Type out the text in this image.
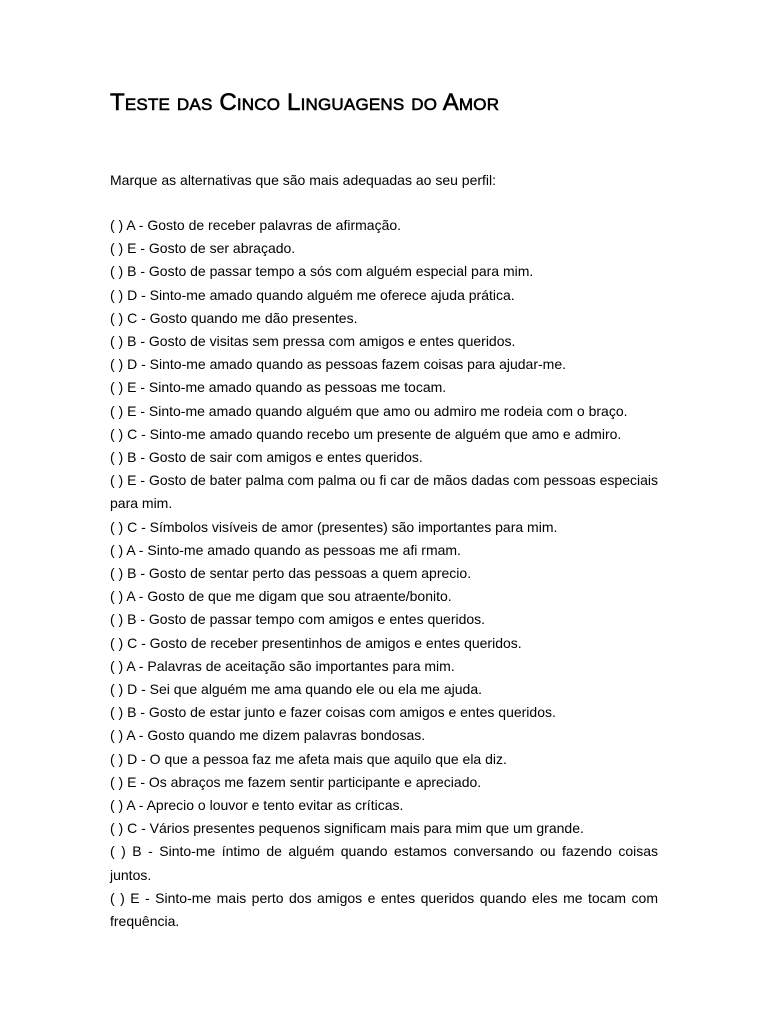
Teste das Cinco Linguagens do Amor

Marque as alternativas que são mais adequadas ao seu perfil:

( ) A - Gosto de receber palavras de afirmação.
( ) E - Gosto de ser abraçado.
( ) B - Gosto de passar tempo a sós com alguém especial para mim.
( ) D - Sinto-me amado quando alguém me oferece ajuda prática.
( ) C - Gosto quando me dão presentes.
( ) B - Gosto de visitas sem pressa com amigos e entes queridos.
( ) D - Sinto-me amado quando as pessoas fazem coisas para ajudar-me.
( ) E - Sinto-me amado quando as pessoas me tocam.
( ) E - Sinto-me amado quando alguém que amo ou admiro me rodeia com o braço.
( ) C - Sinto-me amado quando recebo um presente de alguém que amo e admiro.
( ) B - Gosto de sair com amigos e entes queridos.
( ) E - Gosto de bater palma com palma ou fi car de mãos dadas com pessoas especiais para mim.
( ) C - Símbolos visíveis de amor (presentes) são importantes para mim.
( ) A - Sinto-me amado quando as pessoas me afi rmam.
( ) B - Gosto de sentar perto das pessoas a quem aprecio.
( ) A - Gosto de que me digam que sou atraente/bonito.
( ) B - Gosto de passar tempo com amigos e entes queridos.
( ) C - Gosto de receber presentinhos de amigos e entes queridos.
( ) A - Palavras de aceitação são importantes para mim.
( ) D - Sei que alguém me ama quando ele ou ela me ajuda.
( ) B - Gosto de estar junto e fazer coisas com amigos e entes queridos.
( ) A - Gosto quando me dizem palavras bondosas.
( ) D - O que a pessoa faz me afeta mais que aquilo que ela diz.
( ) E - Os abraços me fazem sentir participante e apreciado.
( ) A - Aprecio o louvor e tento evitar as críticas.
( ) C - Vários presentes pequenos significam mais para mim que um grande.
( ) B - Sinto-me íntimo de alguém quando estamos conversando ou fazendo coisas juntos.
( ) E - Sinto-me mais perto dos amigos e entes queridos quando eles me tocam com frequência.
